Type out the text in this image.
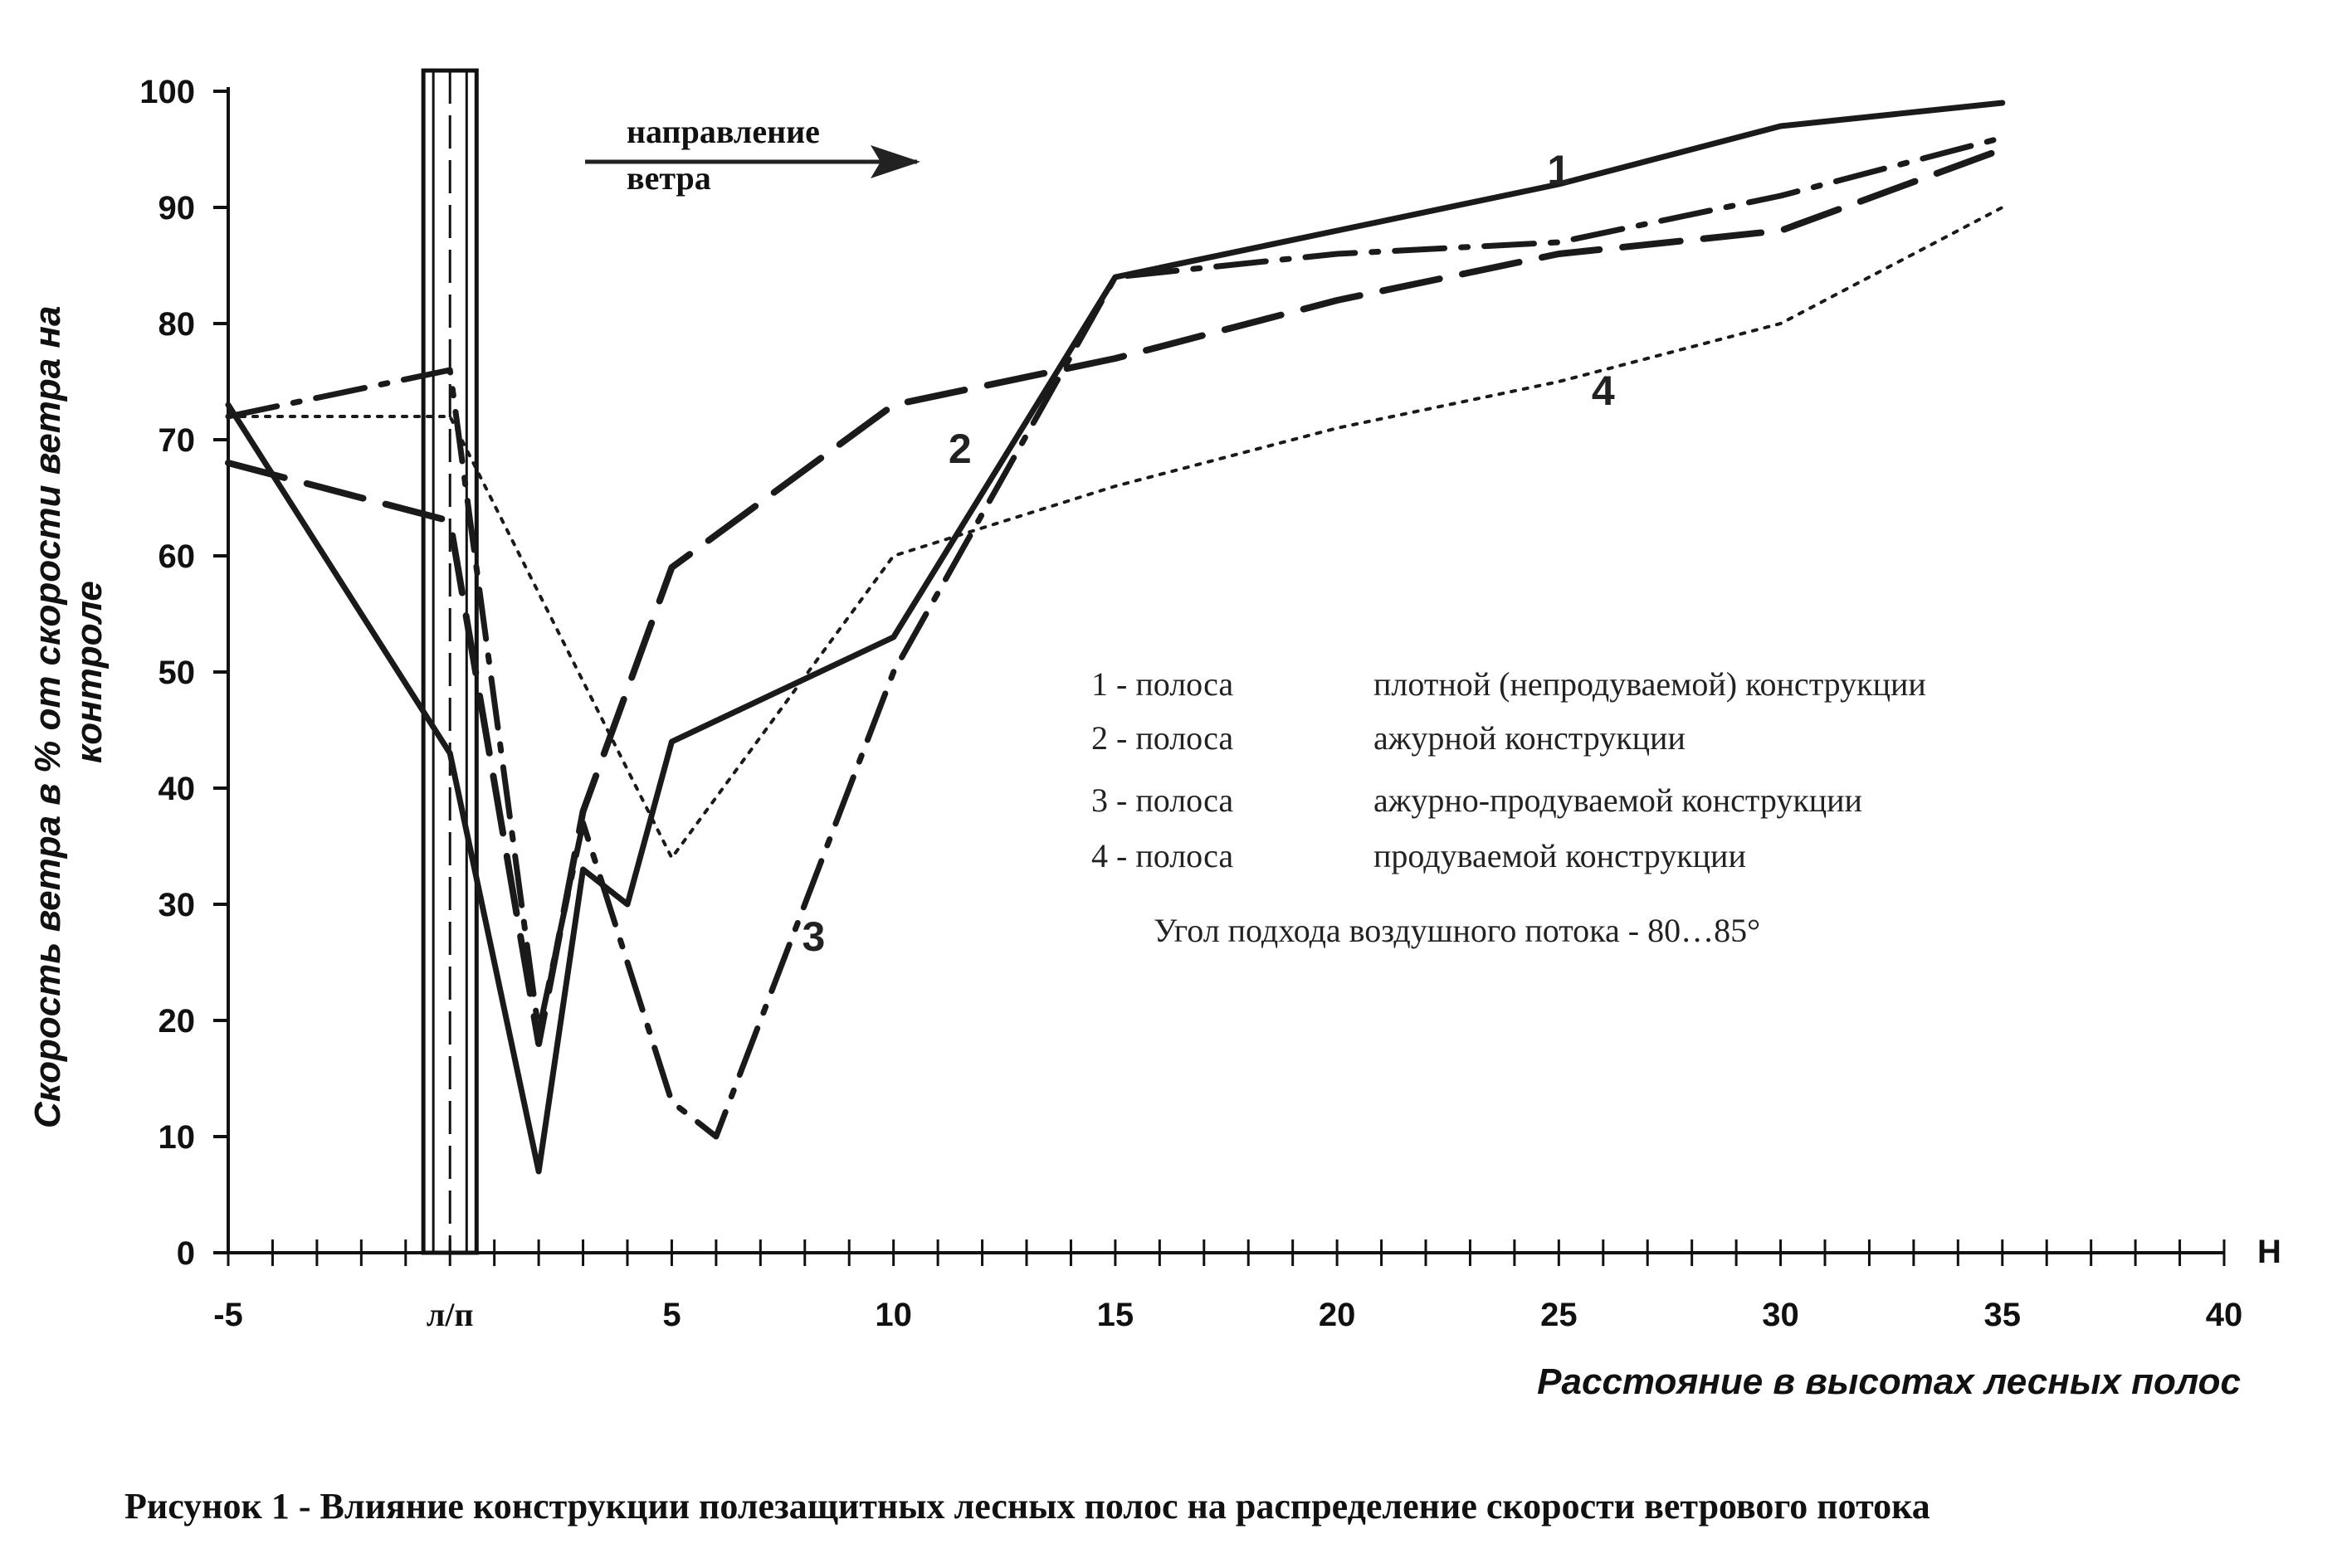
0
10
20
30
40
50
60
70
80
90
100
-5	л/п	5	10	15	20	25	30	35	40
1
2
3
4
направление
ветра
Скорость ветра в % от скорости ветра на контроле
Расстояние в высотах лесных полос
H
1 - полоса	плотной (непродуваемой) конструкции
2 - полоса	ажурной конструкции
3 - полоса	ажурно-продуваемой конструкции
4 - полоса	продуваемой конструкции
Угол подхода воздушного потока - 80…85°
Рисунок 1 - Влияние конструкции полезащитных лесных полос на распределение скорости ветрового потока
